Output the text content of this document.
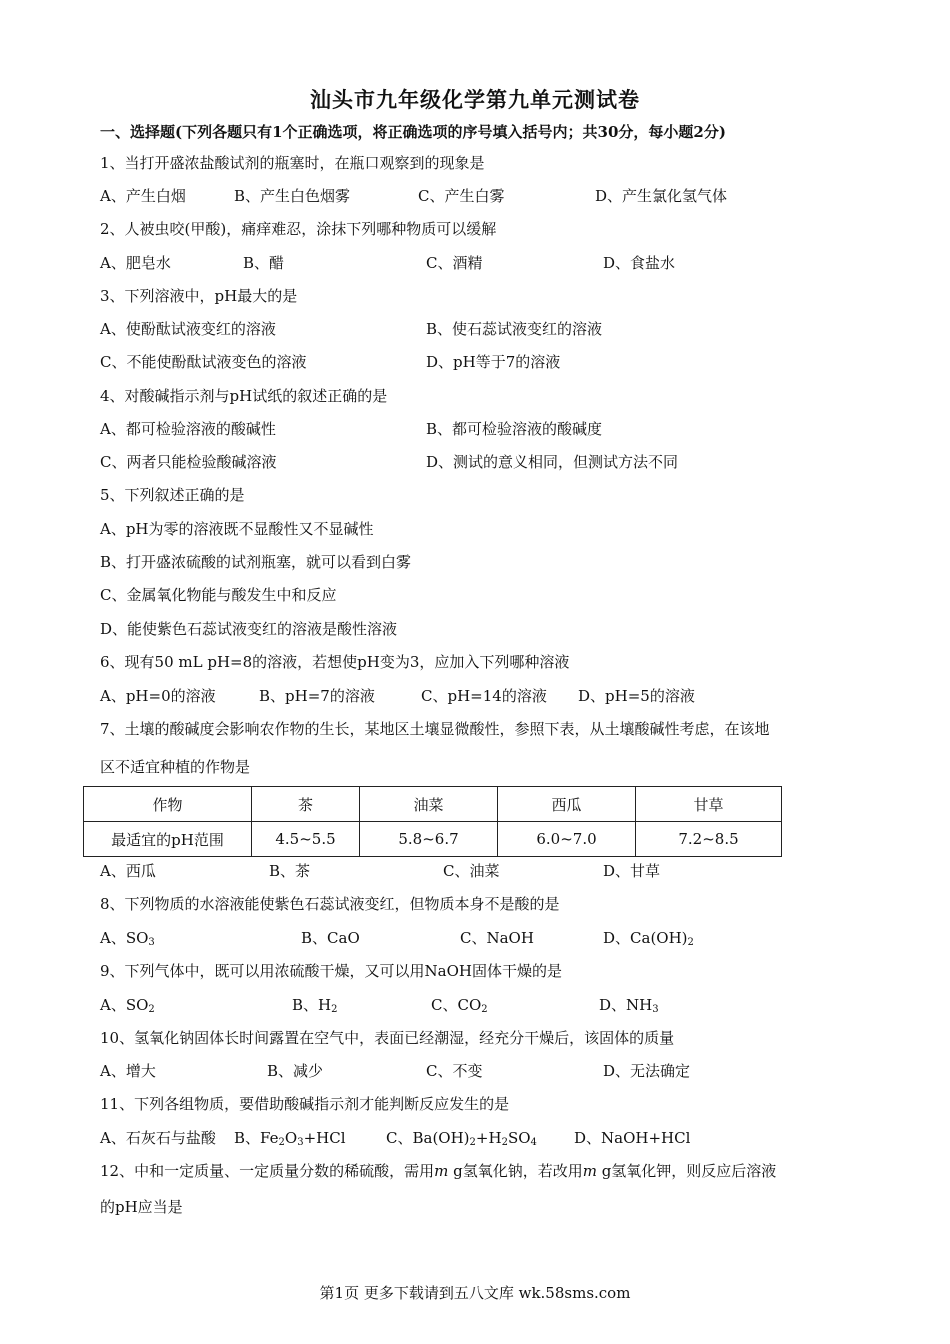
汕头市九年级化学第九单元测试卷
一、选择题(下列各题只有1个正确选项，将正确选项的序号填入括号内；共30分，每小题2分)
1、当打开盛浓盐酸试剂的瓶塞时，在瓶口观察到的现象是
A、产生白烟	B、产生白色烟雾	C、产生白雾	D、产生氯化氢气体
2、人被虫咬(甲酸)，痛痒难忍，涂抹下列哪种物质可以缓解
A、肥皂水	B、醋	C、酒精	D、食盐水
3、下列溶液中，pH最大的是
A、使酚酞试液变红的溶液	B、使石蕊试液变红的溶液
C、不能使酚酞试液变色的溶液	D、pH等于7的溶液
4、对酸碱指示剂与pH试纸的叙述正确的是
A、都可检验溶液的酸碱性	B、都可检验溶液的酸碱度
C、两者只能检验酸碱溶液	D、测试的意义相同，但测试方法不同
5、下列叙述正确的是
A、pH为零的溶液既不显酸性又不显碱性
B、打开盛浓硫酸的试剂瓶塞，就可以看到白雾
C、金属氧化物能与酸发生中和反应
D、能使紫色石蕊试液变红的溶液是酸性溶液
6、现有50 mL pH=8的溶液，若想使pH变为3，应加入下列哪种溶液
A、pH=0的溶液	B、pH=7的溶液	C、pH=14的溶液 D、pH=5的溶液
7、土壤的酸碱度会影响农作物的生长，某地区土壤显微酸性，参照下表，从土壤酸碱性考虑，在该地
区不适宜种植的作物是
作物	茶	油菜	西瓜	甘草
最适宜的pH范围	4.5~5.5	5.8~6.7	6.0~7.0	7.2~8.5
A、西瓜	B、茶	C、油菜	D、甘草
8、下列物质的水溶液能使紫色石蕊试液变红，但物质本身不是酸的是
A、$SO_3$	B、CaO	C、NaOH	D、$Ca(OH)_2$
9、下列气体中，既可以用浓硫酸干燥，又可以用NaOH固体干燥的是
A、$SO_2$	B、$H_2$	C、$CO_2$	D、$NH_3$
10、氢氧化钠固体长时间露置在空气中，表面已经潮湿，经充分干燥后，该固体的质量
A、增大	B、减少	C、不变	D、无法确定
11、下列各组物质，要借助酸碱指示剂才能判断反应发生的是
A、石灰石与盐酸 B、$Fe_2O_3+HCl$	C、$Ba(OH)_2+H_2SO_4$ D、NaOH+HCl
12、中和一定质量、一定质量分数的稀硫酸，需用m g氢氧化钠，若改用m g氢氧化钾，则反应后溶液
的pH应当是
第1页 更多下载请到五八文库 wk.58sms.com
